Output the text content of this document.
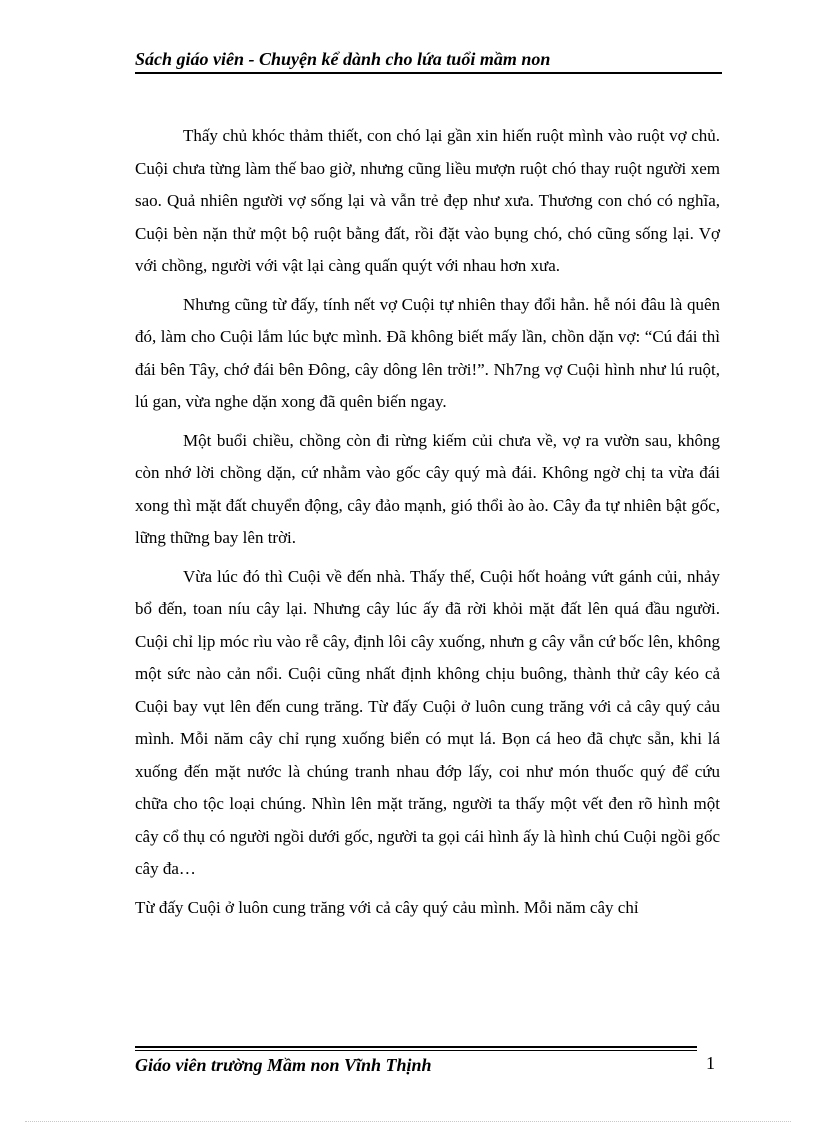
Sách giáo viên - Chuyện kể dành cho lứa tuổi mầm non

Thấy chủ khóc thảm thiết, con chó lại gần xin hiến ruột mình vào ruột vợ chủ. Cuội chưa từng làm thế bao giờ, nhưng cũng liều mượn ruột chó thay ruột người xem sao. Quả nhiên người vợ sống lại và vẫn trẻ đẹp như xưa. Thương con chó có nghĩa, Cuội bèn nặn thử một bộ ruột bằng đất, rồi đặt vào bụng chó, chó cũng sống lại. Vợ với chồng, người với vật lại càng quấn quýt với nhau hơn xưa.

Nhưng cũng từ đấy, tính nết vợ Cuội tự nhiên thay đổi hẳn. hễ nói đâu là quên đó, làm cho Cuội lắm lúc bực mình. Đã không biết mấy lần, chồn dặn vợ: “Cú đái thì đái bên Tây, chớ đái bên Đông, cây dông lên trời!”. Nh7ng vợ Cuội hình như lú ruột, lú gan, vừa nghe dặn xong đã quên biến ngay.

Một buổi chiều, chồng còn đi rừng kiếm củi chưa về, vợ ra vườn sau, không còn nhớ lời chồng dặn, cứ nhằm vào gốc cây quý mà đái. Không ngờ chị ta vừa đái xong thì mặt đất chuyển động, cây đảo mạnh, gió thổi ào ào. Cây đa tự nhiên bật gốc, lững thững bay lên trời.

Vừa lúc đó thì Cuội về đến nhà. Thấy thế, Cuội hốt hoảng vứt gánh củi, nhảy bổ đến, toan níu cây lại. Nhưng cây lúc ấy đã rời khỏi mặt đất lên quá đầu người. Cuội chỉ lịp móc rìu vào rễ cây, định lôi cây xuống, nhưn g cây vẫn cứ bốc lên, không một sức nào cản nổi. Cuội cũng nhất định không chịu buông, thành thử cây kéo cả Cuội bay vụt lên đến cung trăng. Từ đấy Cuội ở luôn cung trăng với cả cây quý cảu mình. Mỗi năm cây chỉ rụng xuống biển có mụt lá. Bọn cá heo đã chực sẵn, khi lá xuống đến mặt nước là chúng tranh nhau đớp lấy, coi như món thuốc quý để cứu chữa cho tộc loại chúng. Nhìn lên mặt trăng, người ta thấy một vết đen rõ hình một cây cổ thụ có người ngồi dưới gốc, người ta gọi cái hình ấy là hình chú Cuội ngồi gốc cây đa…

Từ đấy Cuội ở luôn cung trăng với cả cây quý cảu mình. Mỗi năm cây chỉ

Giáo viên trường Mầm non Vĩnh Thịnh	1
